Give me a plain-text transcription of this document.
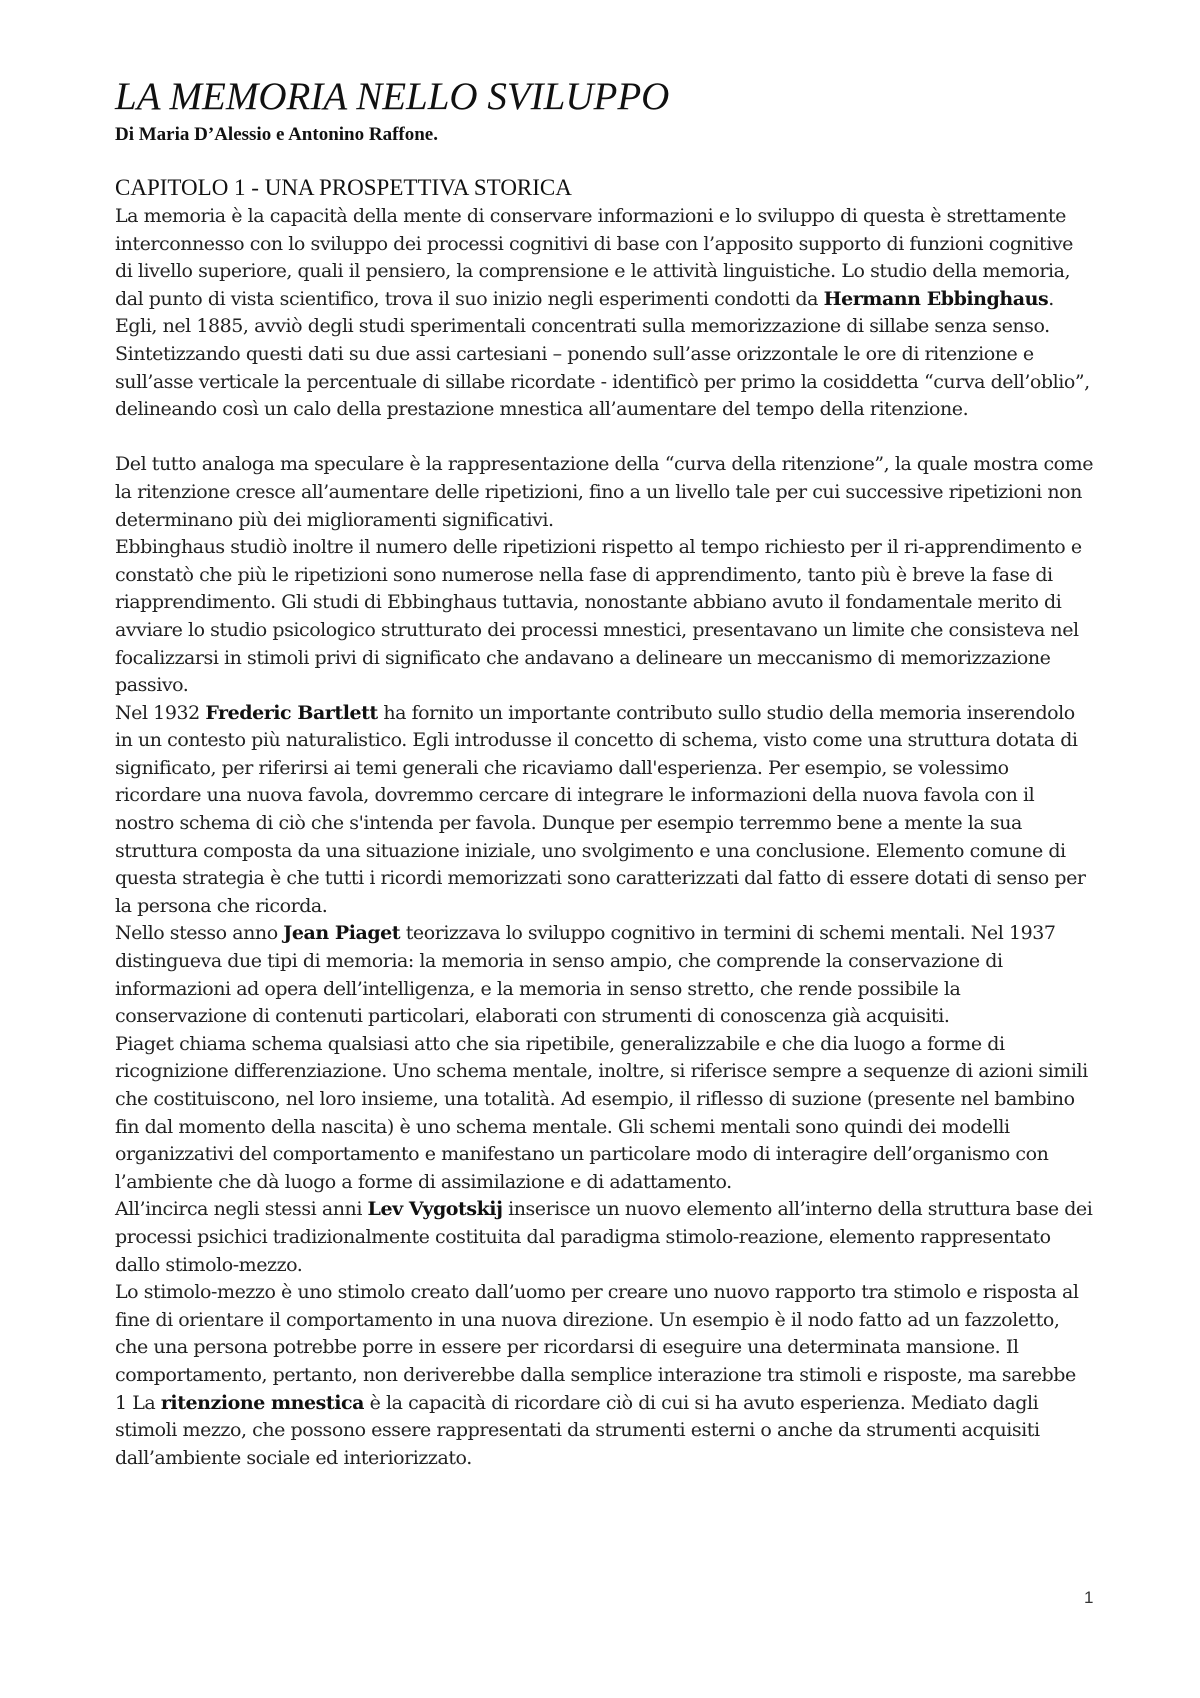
LA MEMORIA NELLO SVILUPPO

Di Maria D’Alessio e Antonino Raffone.

CAPITOLO 1 - UNA PROSPETTIVA STORICA

La memoria è la capacità della mente di conservare informazioni e lo sviluppo di questa è strettamente interconnesso con lo sviluppo dei processi cognitivi di base con l’apposito supporto di funzioni cognitive di livello superiore, quali il pensiero, la comprensione e le attività linguistiche. Lo studio della memoria, dal punto di vista scientifico, trova il suo inizio negli esperimenti condotti da Hermann Ebbinghaus. Egli, nel 1885, avviò degli studi sperimentali concentrati sulla memorizzazione di sillabe senza senso. Sintetizzando questi dati su due assi cartesiani – ponendo sull’asse orizzontale le ore di ritenzione e sull’asse verticale la percentuale di sillabe ricordate - identificò per primo la cosiddetta “curva dell’oblio”, delineando così un calo della prestazione mnestica all’aumentare del tempo della ritenzione.

Del tutto analoga ma speculare è la rappresentazione della “curva della ritenzione”, la quale mostra come la ritenzione cresce all’aumentare delle ripetizioni, fino a un livello tale per cui successive ripetizioni non determinano più dei miglioramenti significativi.

Ebbinghaus studiò inoltre il numero delle ripetizioni rispetto al tempo richiesto per il ri-apprendimento e constatò che più le ripetizioni sono numerose nella fase di apprendimento, tanto più è breve la fase di riapprendimento. Gli studi di Ebbinghaus tuttavia, nonostante abbiano avuto il fondamentale merito di avviare lo studio psicologico strutturato dei processi mnestici, presentavano un limite che consisteva nel focalizzarsi in stimoli privi di significato che andavano a delineare un meccanismo di memorizzazione passivo.

Nel 1932 Frederic Bartlett ha fornito un importante contributo sullo studio della memoria inserendolo in un contesto più naturalistico. Egli introdusse il concetto di schema, visto come una struttura dotata di significato, per riferirsi ai temi generali che ricaviamo dall'esperienza. Per esempio, se volessimo ricordare una nuova favola, dovremmo cercare di integrare le informazioni della nuova favola con il nostro schema di ciò che s'intenda per favola. Dunque per esempio terremmo bene a mente la sua struttura composta da una situazione iniziale, uno svolgimento e una conclusione. Elemento comune di questa strategia è che tutti i ricordi memorizzati sono caratterizzati dal fatto di essere dotati di senso per la persona che ricorda.

Nello stesso anno Jean Piaget teorizzava lo sviluppo cognitivo in termini di schemi mentali. Nel 1937 distingueva due tipi di memoria: la memoria in senso ampio, che comprende la conservazione di informazioni ad opera dell’intelligenza, e la memoria in senso stretto, che rende possibile la conservazione di contenuti particolari, elaborati con strumenti di conoscenza già acquisiti.

Piaget chiama schema qualsiasi atto che sia ripetibile, generalizzabile e che dia luogo a forme di ricognizione differenziazione. Uno schema mentale, inoltre, si riferisce sempre a sequenze di azioni simili che costituiscono, nel loro insieme, una totalità. Ad esempio, il riflesso di suzione (presente nel bambino fin dal momento della nascita) è uno schema mentale. Gli schemi mentali sono quindi dei modelli organizzativi del comportamento e manifestano un particolare modo di interagire dell’organismo con l’ambiente che dà luogo a forme di assimilazione e di adattamento.

All’incirca negli stessi anni Lev Vygotskij inserisce un nuovo elemento all’interno della struttura base dei processi psichici tradizionalmente costituita dal paradigma stimolo-reazione, elemento rappresentato dallo stimolo-mezzo.

Lo stimolo-mezzo è uno stimolo creato dall’uomo per creare uno nuovo rapporto tra stimolo e risposta al fine di orientare il comportamento in una nuova direzione. Un esempio è il nodo fatto ad un fazzoletto, che una persona potrebbe porre in essere per ricordarsi di eseguire una determinata mansione. Il comportamento, pertanto, non deriverebbe dalla semplice interazione tra stimoli e risposte, ma sarebbe

1 La ritenzione mnestica è la capacità di ricordare ciò di cui si ha avuto esperienza. Mediato dagli stimoli mezzo, che possono essere rappresentati da strumenti esterni o anche da strumenti acquisiti dall’ambiente sociale ed interiorizzato.

1
